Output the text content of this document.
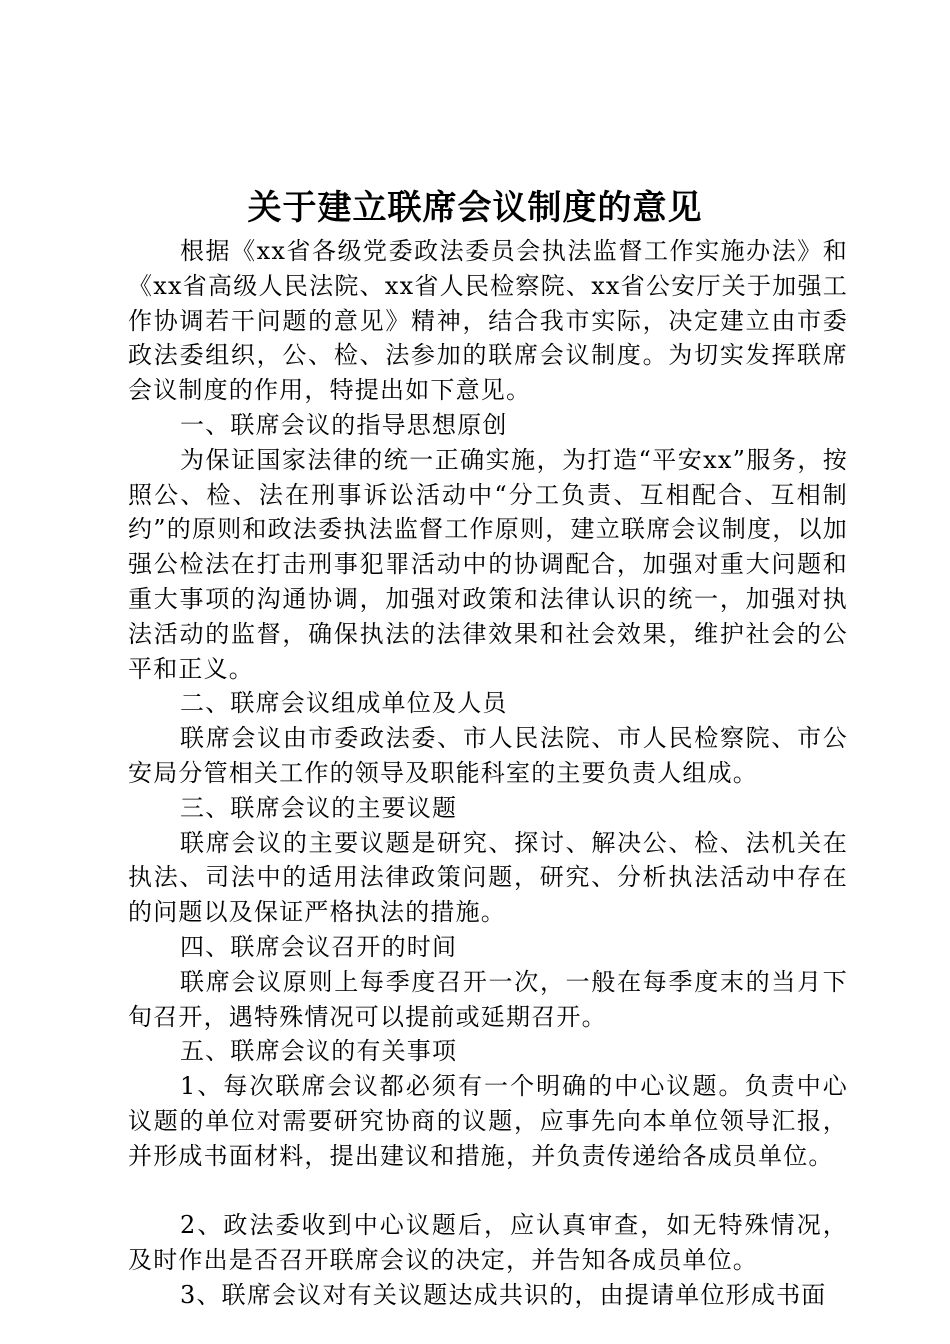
关于建立联席会议制度的意见

根据《xx省各级党委政法委员会执法监督工作实施办法》和《xx省高级人民法院、xx省人民检察院、xx省公安厅关于加强工作协调若干问题的意见》精神，结合我市实际，决定建立由市委政法委组织，公、检、法参加的联席会议制度。为切实发挥联席会议制度的作用，特提出如下意见。

一、联席会议的指导思想原创

为保证国家法律的统一正确实施，为打造“平安xx”服务，按照公、检、法在刑事诉讼活动中“分工负责、互相配合、互相制约”的原则和政法委执法监督工作原则，建立联席会议制度，以加强公检法在打击刑事犯罪活动中的协调配合，加强对重大问题和重大事项的沟通协调，加强对政策和法律认识的统一，加强对执法活动的监督，确保执法的法律效果和社会效果，维护社会的公平和正义。

二、联席会议组成单位及人员

联席会议由市委政法委、市人民法院、市人民检察院、市公安局分管相关工作的领导及职能科室的主要负责人组成。

三、联席会议的主要议题

联席会议的主要议题是研究、探讨、解决公、检、法机关在执法、司法中的适用法律政策问题，研究、分析执法活动中存在的问题以及保证严格执法的措施。

四、联席会议召开的时间

联席会议原则上每季度召开一次，一般在每季度末的当月下旬召开，遇特殊情况可以提前或延期召开。

五、联席会议的有关事项

1、每次联席会议都必须有一个明确的中心议题。负责中心议题的单位对需要研究协商的议题，应事先向本单位领导汇报，并形成书面材料，提出建议和措施，并负责传递给各成员单位。

2、政法委收到中心议题后，应认真审查，如无特殊情况，及时作出是否召开联席会议的决定，并告知各成员单位。

3、联席会议对有关议题达成共识的，由提请单位形成书面
